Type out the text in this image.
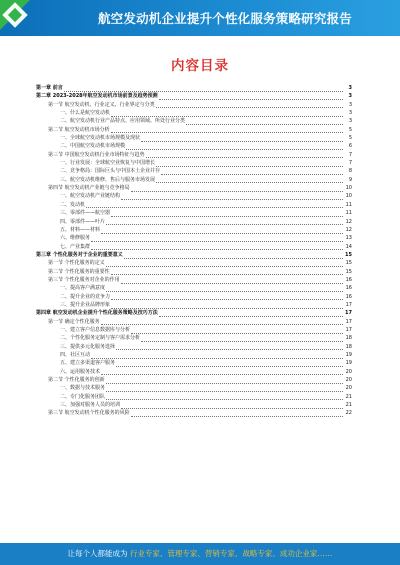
航空发动机企业提升个性化服务策略研究报告
内容目录
第一章 前言	3
第二章 2023-2028年航空发动机市场前景及趋势预测	3
第一节 航空发动机、行业定义、行业界定与分类	3
一、什么是航空发动机	3
二、航空发动机行业产品特点、应用领域、所处行业分类	3
第二节 航空发动机市场分析	5
一、全球航空发动机市场规模及现状	5
二、中国航空发动机市场规模	6
第三节 中国航空发动机行业市场特征与趋势	7
一、行业发展：全球航空业恢复与中国增长	7
二、竞争格局：国际巨头与中国本土企业并存	8
三、航空发动机维修、售后与服务市场发展	9
第四节 航空发动机产业链与竞争格局	10
一、航空发动机产业链结构	10
二、发动机	11
三、零部件——航空器	11
四、零部件——叶片	12
五、材料——材料	12
六、维修服务	13
七、产业集群	14
第三章 个性化服务对于企业的重要意义	15
第一节 个性化服务的定义	15
第二节 个性化服务的重要性	15
第三节 个性化服务对企业的作用	16
一、提高客户满意度	16
二、提升企业的竞争力	16
三、提升企业品牌形象	17
第四章 航空发动机企业提升个性化服务策略及技巧方法	17
第一节 确定个性化服务	17
一、建立客户信息数据库与分析	17
二、个性化服务定制与客户需求分析	18
三、提供多元化服务选择	18
四、社区互动	19
五、建立多渠道客户服务	19
六、运用服务技术	20
第二节 个性化服务的创新	20
一、数据与技术服务	20
二、专门化服务团队	21
三、加强对服务人员的培训	21
第三节 航空发动机个性化服务的风险	22
让每个人都能成为 行业专家、管理专家、营销专家、战略专家、成功企业家……
